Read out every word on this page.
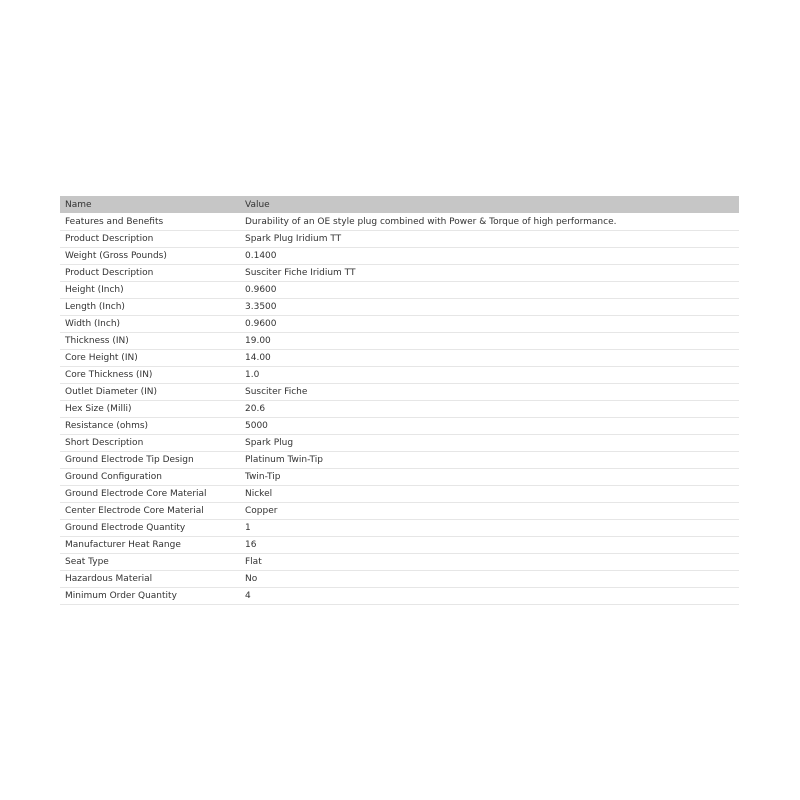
Name	Value
Features and Benefits	Durability of an OE style plug combined with Power & Torque of high performance.
Product Description	Spark Plug Iridium TT
Weight (Gross Pounds)	0.1400
Product Description	Susciter Fiche Iridium TT
Height (Inch)	0.9600
Length (Inch)	3.3500
Width (Inch)	0.9600
Thickness (IN)	19.00
Core Height (IN)	14.00
Core Thickness (IN)	1.0
Outlet Diameter (IN)	Susciter Fiche
Hex Size (Milli)	20.6
Resistance (ohms)	5000
Short Description	Spark Plug
Ground Electrode Tip Design	Platinum Twin-Tip
Ground Configuration	Twin-Tip
Ground Electrode Core Material	Nickel
Center Electrode Core Material	Copper
Ground Electrode Quantity	1
Manufacturer Heat Range	16
Seat Type	Flat
Hazardous Material	No
Minimum Order Quantity	4
